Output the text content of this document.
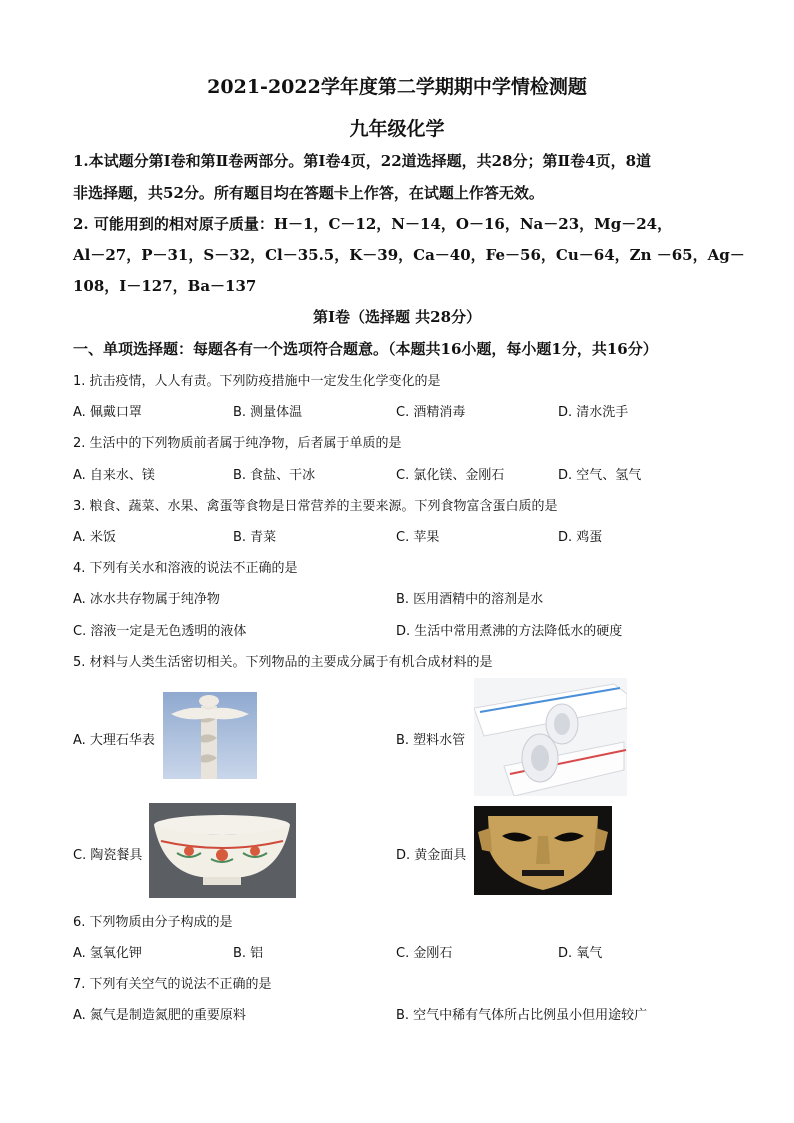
2021-2022学年度第二学期期中学情检测题
九年级化学
1.本试题分第Ⅰ卷和第Ⅱ卷两部分。第Ⅰ卷4页，22道选择题，共28分；第Ⅱ卷4页，8道
非选择题，共52分。所有题目均在答题卡上作答，在试题上作答无效。
2. 可能用到的相对原子质量：H－1，C－12，N－14，O－16，Na－23，Mg－24，
Al－27，P－31，S－32，Cl－35.5，K－39，Ca－40，Fe－56，Cu－64，Zn －65，Ag－
108，I－127，Ba－137
第Ⅰ卷（选择题 共28分）
一、单项选择题：每题各有一个选项符合题意。（本题共16小题，每小题1分，共16分）
1. 抗击疫情，人人有责。下列防疫措施中一定发生化学变化的是
A. 佩戴口罩	B. 测量体温	C. 酒精消毒	D. 清水洗手
2. 生活中的下列物质前者属于纯净物，后者属于单质的是
A. 自来水、镁	B. 食盐、干冰	C. 氯化镁、金刚石	D. 空气、氢气
3. 粮食、蔬菜、水果、禽蛋等食物是日常营养的主要来源。下列食物富含蛋白质的是
A. 米饭	B. 青菜	C. 苹果	D. 鸡蛋
4. 下列有关水和溶液的说法不正确的是
A. 冰水共存物属于纯净物	B. 医用酒精中的溶剂是水
C. 溶液一定是无色透明的液体	D. 生活中常用煮沸的方法降低水的硬度
5. 材料与人类生活密切相关。下列物品的主要成分属于有机合成材料的是
A. 大理石华表	B. 塑料水管
C. 陶瓷餐具	D. 黄金面具
6. 下列物质由分子构成的是
A. 氢氧化钾	B. 铝	C. 金刚石	D. 氧气
7. 下列有关空气的说法不正确的是
A. 氮气是制造氮肥的重要原料	B. 空气中稀有气体所占比例虽小但用途较广
